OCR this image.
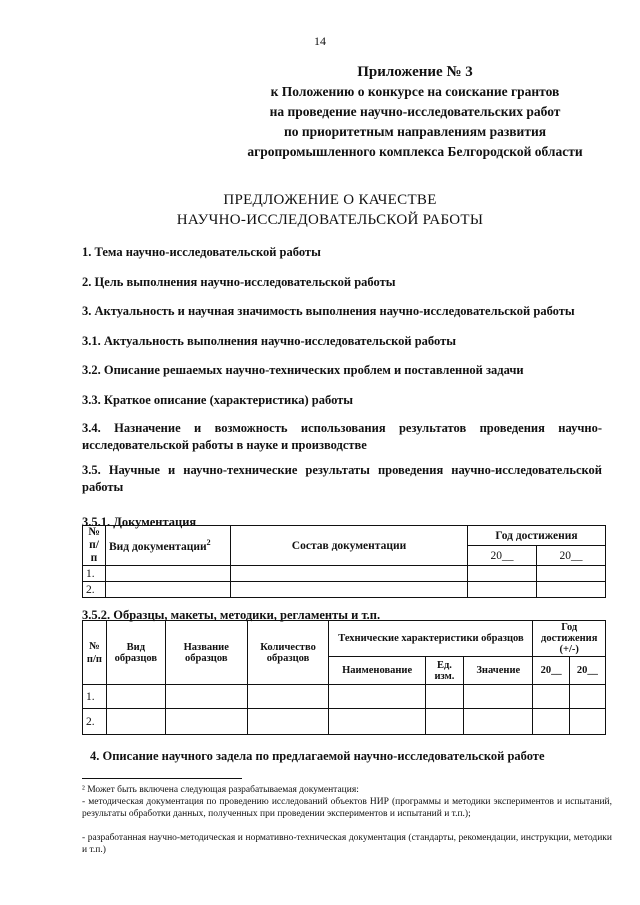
14
Приложение № 3
к Положению о конкурсе на соискание грантов
на проведение научно-исследовательских работ
по приоритетным направлениям развития
агропромышленного комплекса Белгородской области
ПРЕДЛОЖЕНИЕ О КАЧЕСТВЕ
НАУЧНО-ИССЛЕДОВАТЕЛЬСКОЙ РАБОТЫ
1. Тема научно-исследовательской работы
2. Цель выполнения научно-исследовательской работы
3. Актуальность и научная значимость выполнения научно-исследовательской работы
3.1. Актуальность выполнения научно-исследовательской работы
3.2. Описание решаемых научно-технических проблем и поставленной задачи
3.3. Краткое описание (характеристика) работы
3.4. Назначение и возможность использования результатов проведения научно-исследовательской работы в науке и производстве
3.5. Научные и научно-технические результаты проведения научно-исследовательской работы
3.5.1. Документация
№ п/п	Вид документации$^2$	Состав документации	Год достижения	
			20__	20__
1.				
2.				
3.5.2. Образцы, макеты, методики, регламенты и т.п.
№ п/п	Вид образцов	Название образцов	Количество образцов	Технические характеристики образцов			Год достижения (+/-)	
				Наименование	Ед. изм.	Значение	20__	20__
1.								
2.								
4. Описание научного задела по предлагаемой научно-исследовательской работе
² Может быть включена следующая разрабатываемая документация:
- методическая документация по проведению исследований объектов НИР (программы и методики экспериментов и испытаний, результаты обработки данных, полученных при проведении экспериментов и испытаний и т.п.);
- разработанная научно-методическая и нормативно-техническая документация (стандарты, рекомендации, инструкции, методики и т.п.)
